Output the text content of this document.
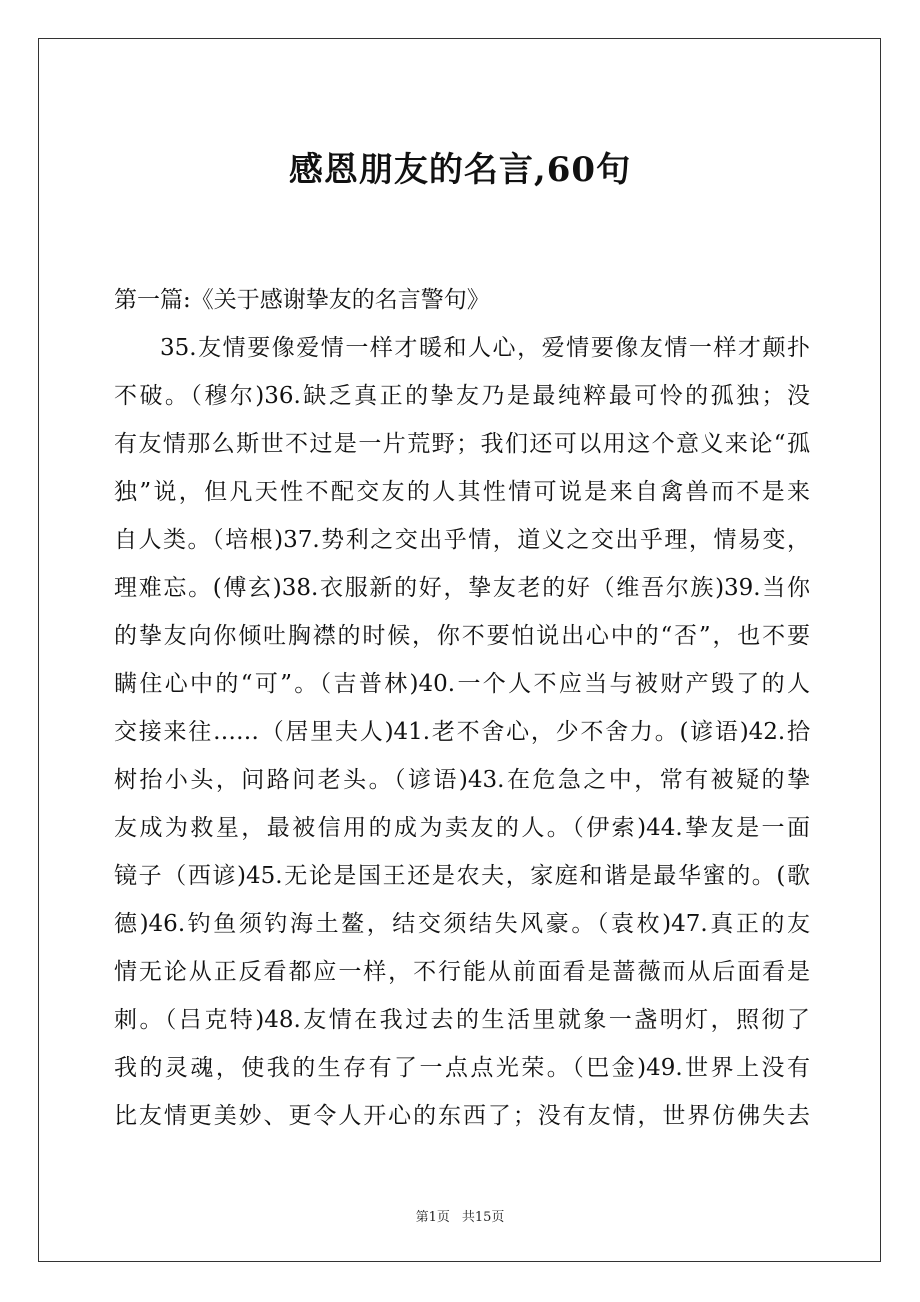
感恩朋友的名言,60句

第一篇:《关于感谢挚友的名言警句》

35.友情要像爱情一样才暖和人心，爱情要像友情一样才颠扑
不破。（穆尔)36.缺乏真正的挚友乃是最纯粹最可怜的孤独；没
有友情那么斯世不过是一片荒野；我们还可以用这个意义来论“孤
独”说，但凡天性不配交友的人其性情可说是来自禽兽而不是来
自人类。（培根)37.势利之交出乎情，道义之交出乎理，情易变，
理难忘。(傅玄)38.衣服新的好，挚友老的好（维吾尔族)39.当你
的挚友向你倾吐胸襟的时候，你不要怕说出心中的“否”，也不要
瞒住心中的“可”。（吉普林)40.一个人不应当与被财产毁了的人
交接来往……（居里夫人)41.老不舍心，少不舍力。(谚语)42.拾
树抬小头，问路问老头。（谚语)43.在危急之中，常有被疑的挚
友成为救星，最被信用的成为卖友的人。（伊索)44.挚友是一面
镜子（西谚)45.无论是国王还是农夫，家庭和谐是最华蜜的。(歌
德)46.钓鱼须钓海土鳌，结交须结失风豪。（袁枚)47.真正的友
情无论从正反看都应一样，不行能从前面看是蔷薇而从后面看是
刺。（吕克特)48.友情在我过去的生活里就象一盏明灯，照彻了
我的灵魂，使我的生存有了一点点光荣。（巴金)49.世界上没有
比友情更美妙、更令人开心的东西了；没有友情，世界仿佛失去
第1页 共15页
